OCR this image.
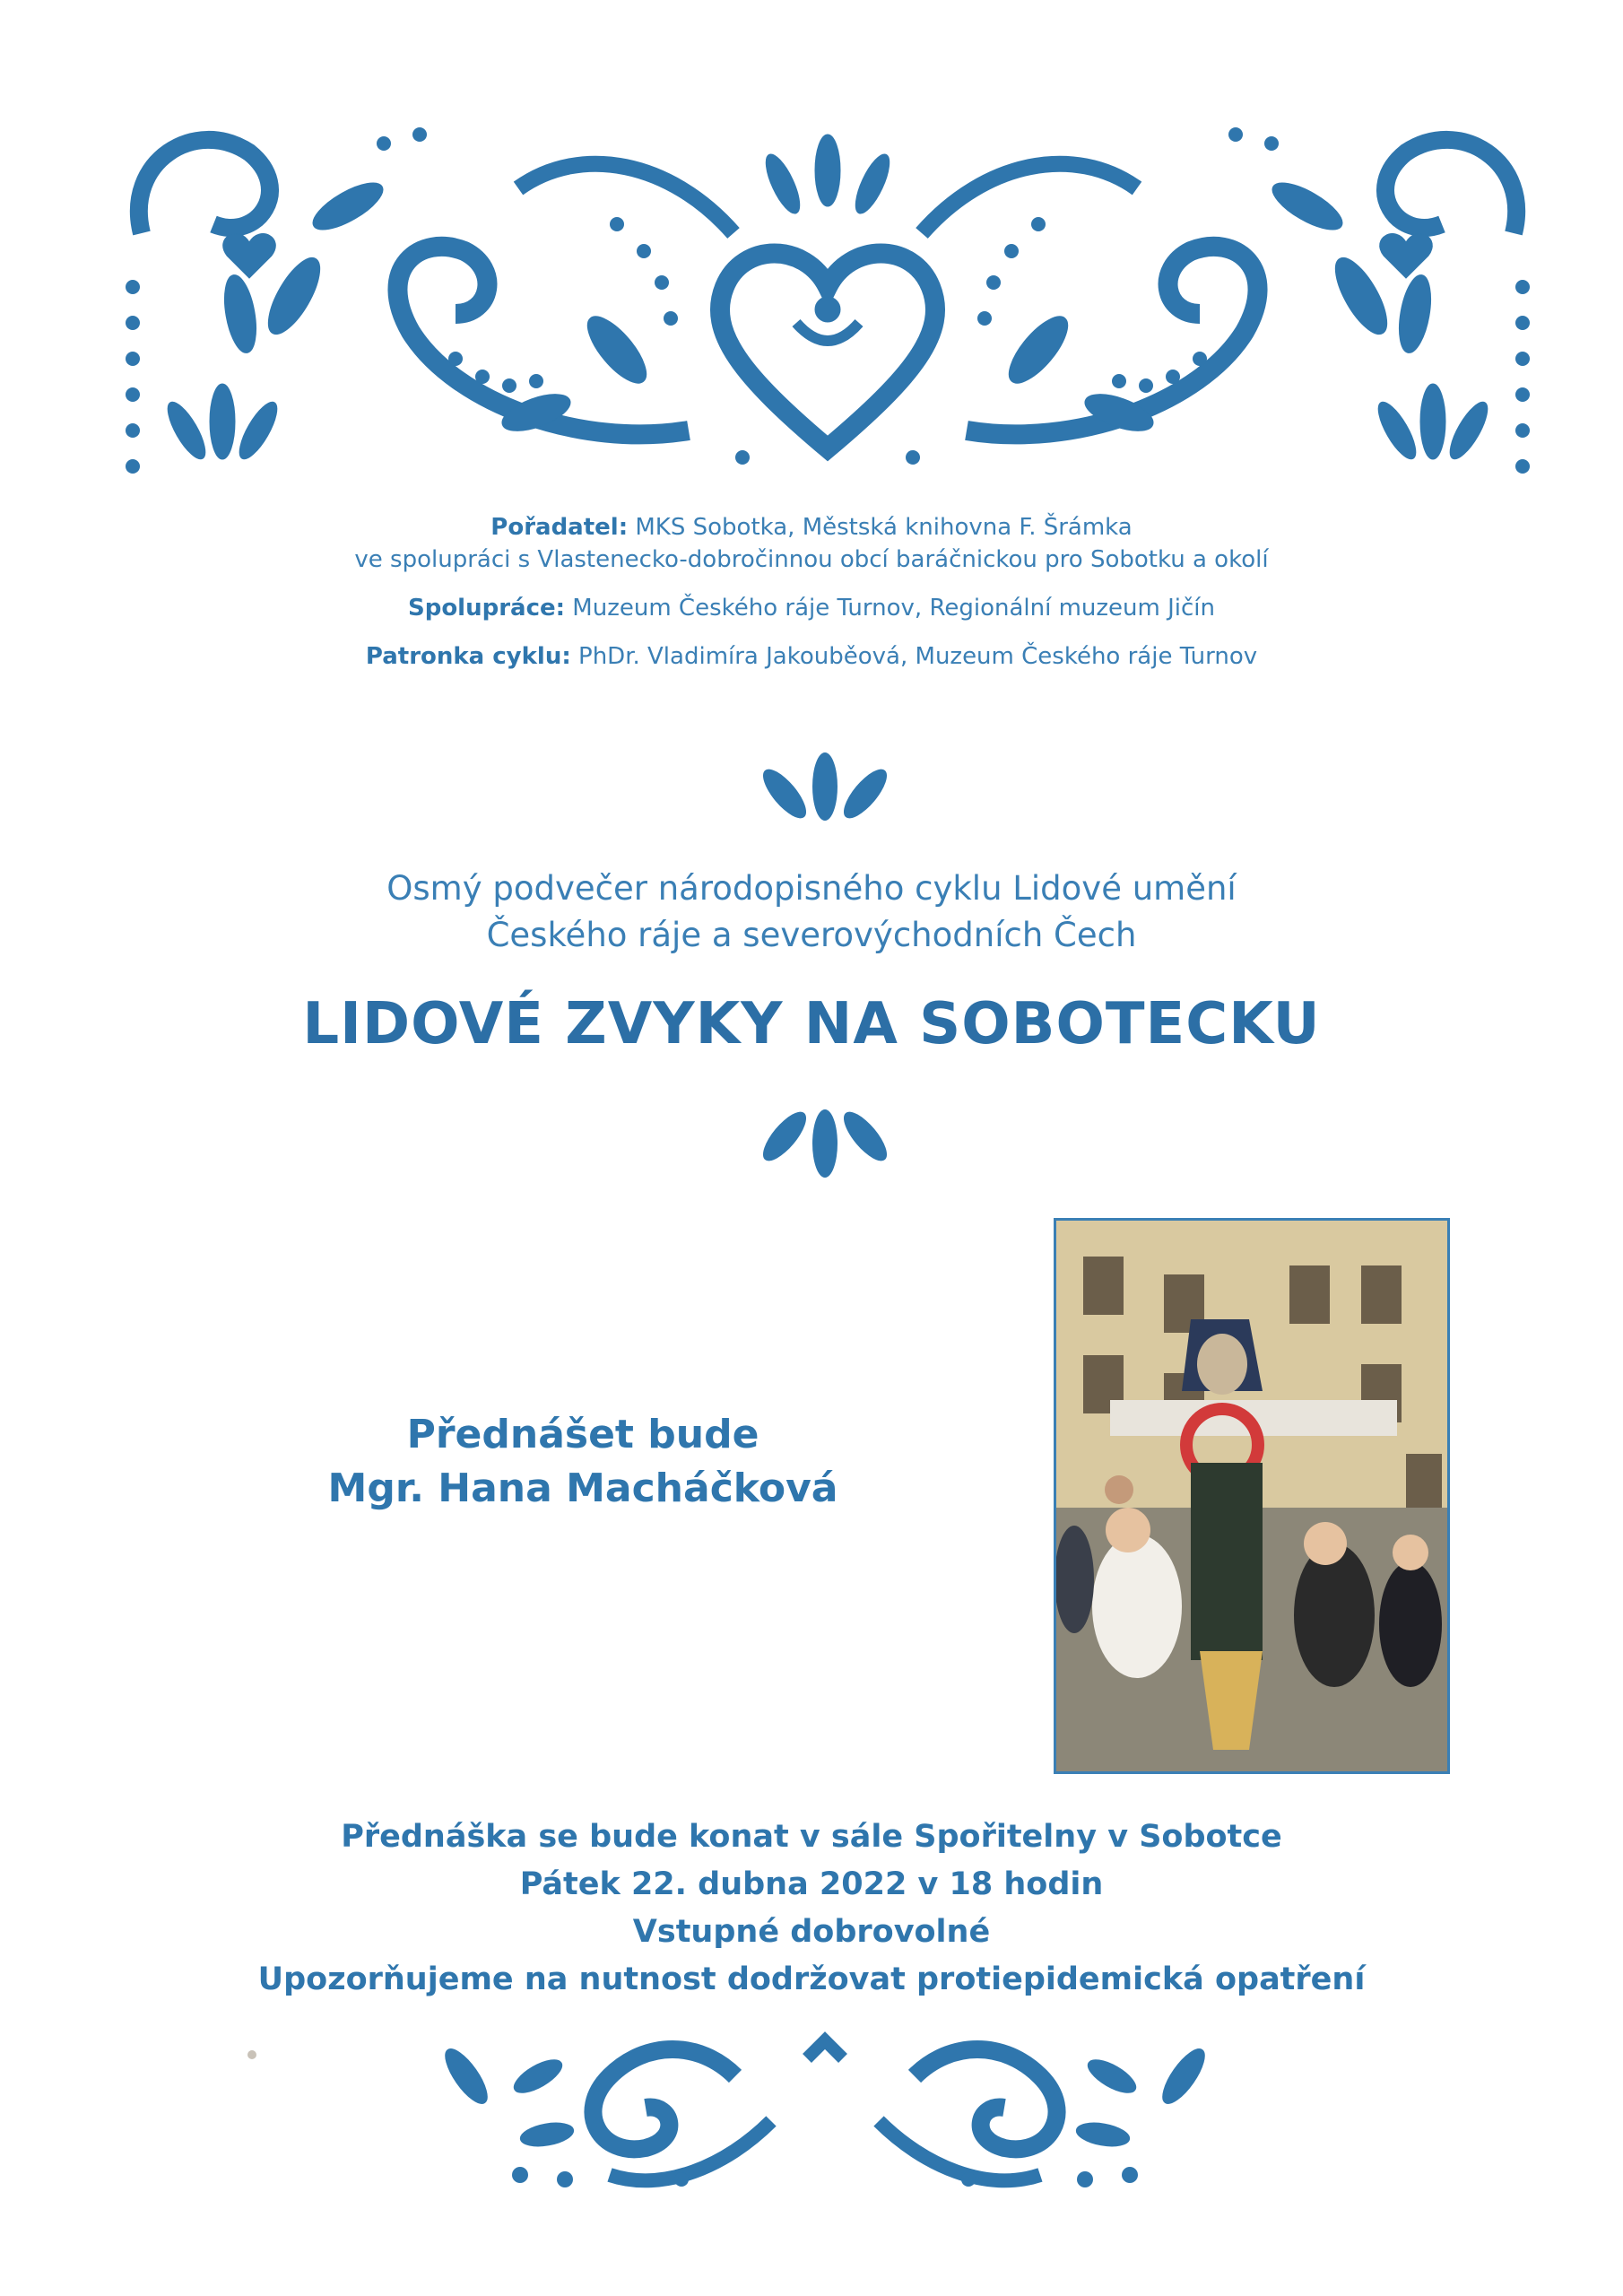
Pořadatel: MKS Sobotka, Městská knihovna F. Šrámka
ve spolupráci s Vlastenecko-dobročinnou obcí baráčnickou pro Sobotku a okolí

Spolupráce: Muzeum Českého ráje Turnov, Regionální muzeum Jičín

Patronka cyklu: PhDr. Vladimíra Jakouběová, Muzeum Českého ráje Turnov

Osmý podvečer národopisného cyklu Lidové umění
Českého ráje a severovýchodních Čech
LIDOVÉ ZVYKY NA SOBOTECKU
Přednášet bude
Mgr. Hana Macháčková
Přednáška se bude konat v sále Spořitelny v Sobotce
Pátek 22. dubna 2022 v 18 hodin
Vstupné dobrovolné
Upozorňujeme na nutnost dodržovat protiepidemická opatření
